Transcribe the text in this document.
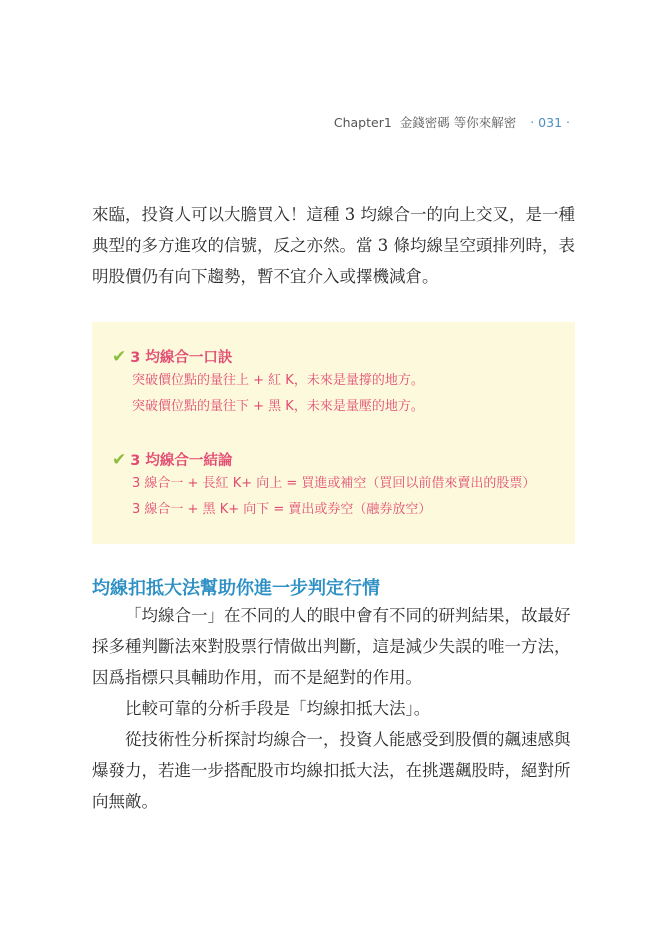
Chapter1 金錢密碼 等你來解密 ‧ 031 ‧

來臨，投資人可以大膽買入！這種 3 均線合一的向上交叉，是一種典型的多方進攻的信號，反之亦然。當 3 條均線呈空頭排列時，表明股價仍有向下趨勢，暫不宜介入或擇機減倉。

✔ 3 均線合一口訣
突破價位點的量往上 + 紅 K，未來是量撐的地方。
突破價位點的量往下 + 黑 K，未來是量壓的地方。
✔ 3 均線合一結論
3 線合一 + 長紅 K+ 向上 = 買進或補空（買回以前借來賣出的股票）
3 線合一 + 黑 K+ 向下 = 賣出或券空（融券放空）
均線扣抵大法幫助你進一步判定行情

「均線合一」在不同的人的眼中會有不同的研判結果，故最好採多種判斷法來對股票行情做出判斷，這是減少失誤的唯一方法，因爲指標只具輔助作用，而不是絕對的作用。

比較可靠的分析手段是「均線扣抵大法」。

從技術性分析探討均線合一，投資人能感受到股價的飆速感與爆發力，若進一步搭配股市均線扣抵大法，在挑選飆股時，絕對所向無敵。
